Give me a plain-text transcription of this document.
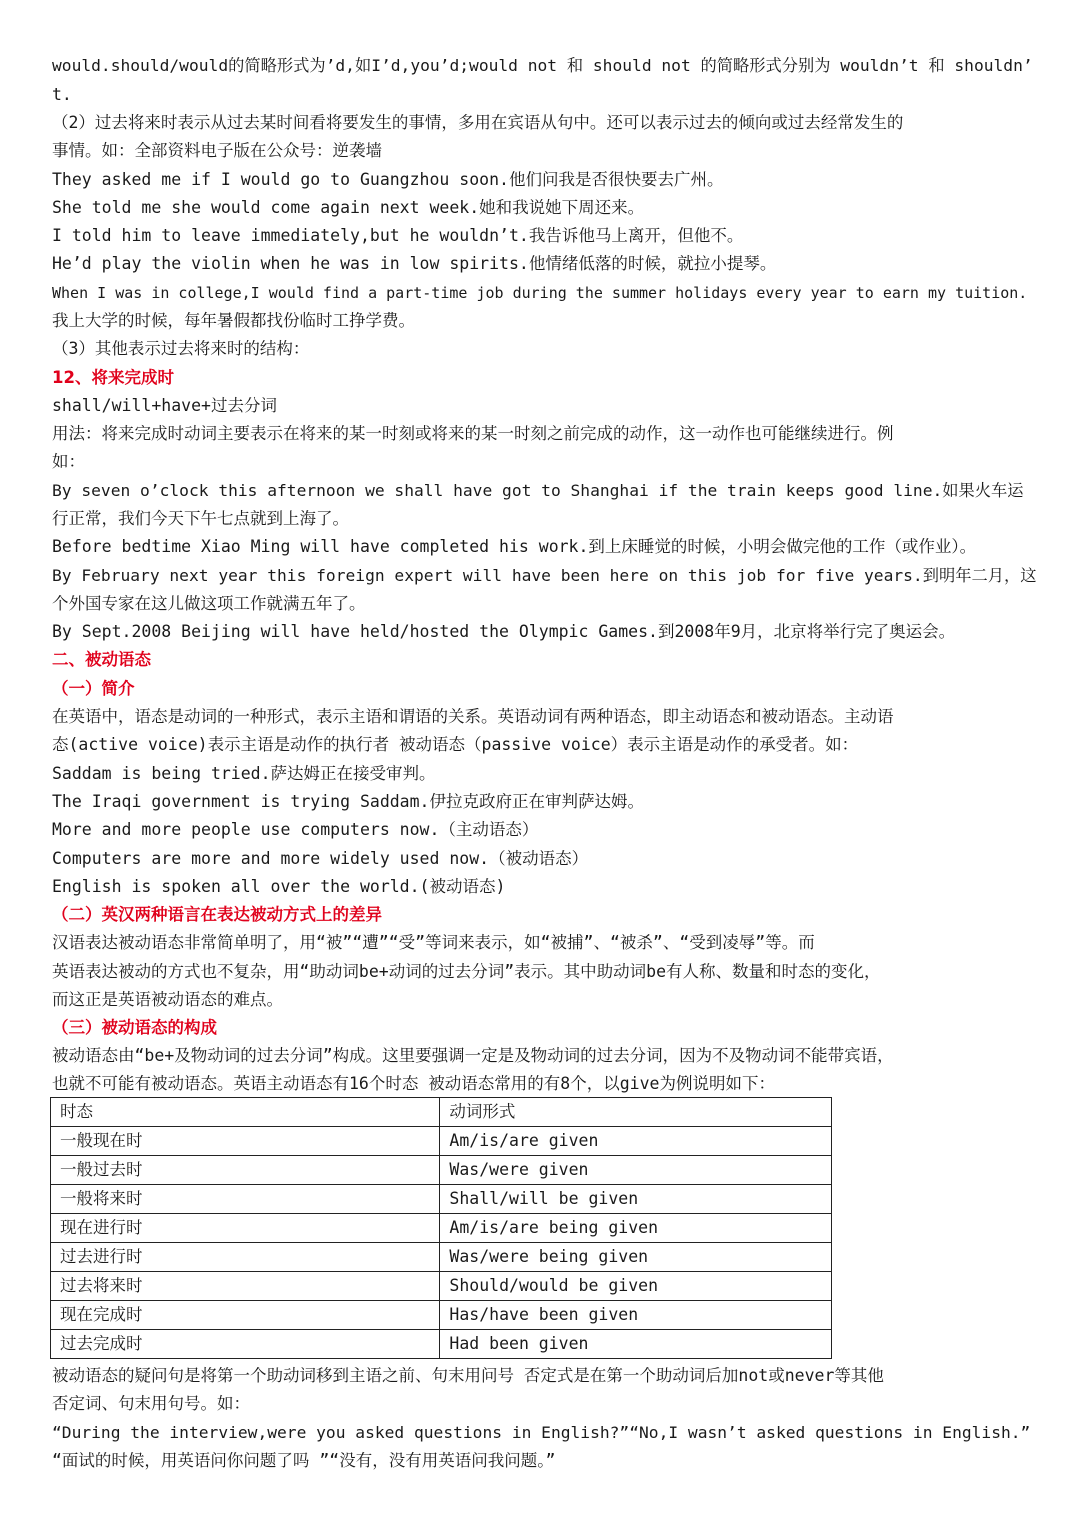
would.should/would的简略形式为’d,如I’d,you’d;would not 和 should not 的简略形式分别为 wouldn’t 和 shouldn’
t.
（2）过去将来时表示从过去某时间看将要发生的事情，多用在宾语从句中。还可以表示过去的倾向或过去经常发生的
事情。如：全部资料电子版在公众号：逆袭墙
They asked me if I would go to Guangzhou soon.他们问我是否很快要去广州。
She told me she would come again next week.她和我说她下周还来。
I told him to leave immediately,but he wouldn’t.我告诉他马上离开，但他不。
He’d play the violin when he was in low spirits.他情绪低落的时候，就拉小提琴。
When I was in college,I would find a part-time job during the summer holidays every year to earn my tuition.
我上大学的时候，每年暑假都找份临时工挣学费。
（3）其他表示过去将来时的结构：
12、将来完成时
shall/will+have+过去分词
用法：将来完成时动词主要表示在将来的某一时刻或将来的某一时刻之前完成的动作，这一动作也可能继续进行。例
如：
By seven o’clock this afternoon we shall have got to Shanghai if the train keeps good line.如果火车运
行正常，我们今天下午七点就到上海了。
Before bedtime Xiao Ming will have completed his work.到上床睡觉的时候，小明会做完他的工作（或作业）。
By February next year this foreign expert will have been here on this job for five years.到明年二月，这
个外国专家在这儿做这项工作就满五年了。
By Sept.2008 Beijing will have held/hosted the Olympic Games.到2008年9月，北京将举行完了奥运会。
二、被动语态
（一）简介
在英语中，语态是动词的一种形式，表示主语和谓语的关系。英语动词有两种语态，即主动语态和被动语态。主动语
态(active voice)表示主语是动作的执行者 被动语态（passive voice）表示主语是动作的承受者。如：
Saddam is being tried.萨达姆正在接受审判。
The Iraqi government is trying Saddam.伊拉克政府正在审判萨达姆。
More and more people use computers now.（主动语态）
Computers are more and more widely used now.（被动语态）
English is spoken all over the world.(被动语态)
（二）英汉两种语言在表达被动方式上的差异
汉语表达被动语态非常简单明了，用“被”“遭”“受”等词来表示，如“被捕”、“被杀”、“受到凌辱”等。而
英语表达被动的方式也不复杂，用“助动词be+动词的过去分词”表示。其中助动词be有人称、数量和时态的变化，
而这正是英语被动语态的难点。
（三）被动语态的构成
被动语态由“be+及物动词的过去分词”构成。这里要强调一定是及物动词的过去分词，因为不及物动词不能带宾语，
也就不可能有被动语态。英语主动语态有16个时态 被动语态常用的有8个，以give为例说明如下：
时态	动词形式
一般现在时	Am/is/are given
一般过去时	Was/were given
一般将来时	Shall/will be given
现在进行时	Am/is/are being given
过去进行时	Was/were being given
过去将来时	Should/would be given
现在完成时	Has/have been given
过去完成时	Had been given
被动语态的疑问句是将第一个助动词移到主语之前、句末用问号 否定式是在第一个助动词后加not或never等其他
否定词、句末用句号。如：
“During the interview,were you asked questions in English?”“No,I wasn’t asked questions in English.”
“面试的时候，用英语问你问题了吗 ”“没有，没有用英语问我问题。”
